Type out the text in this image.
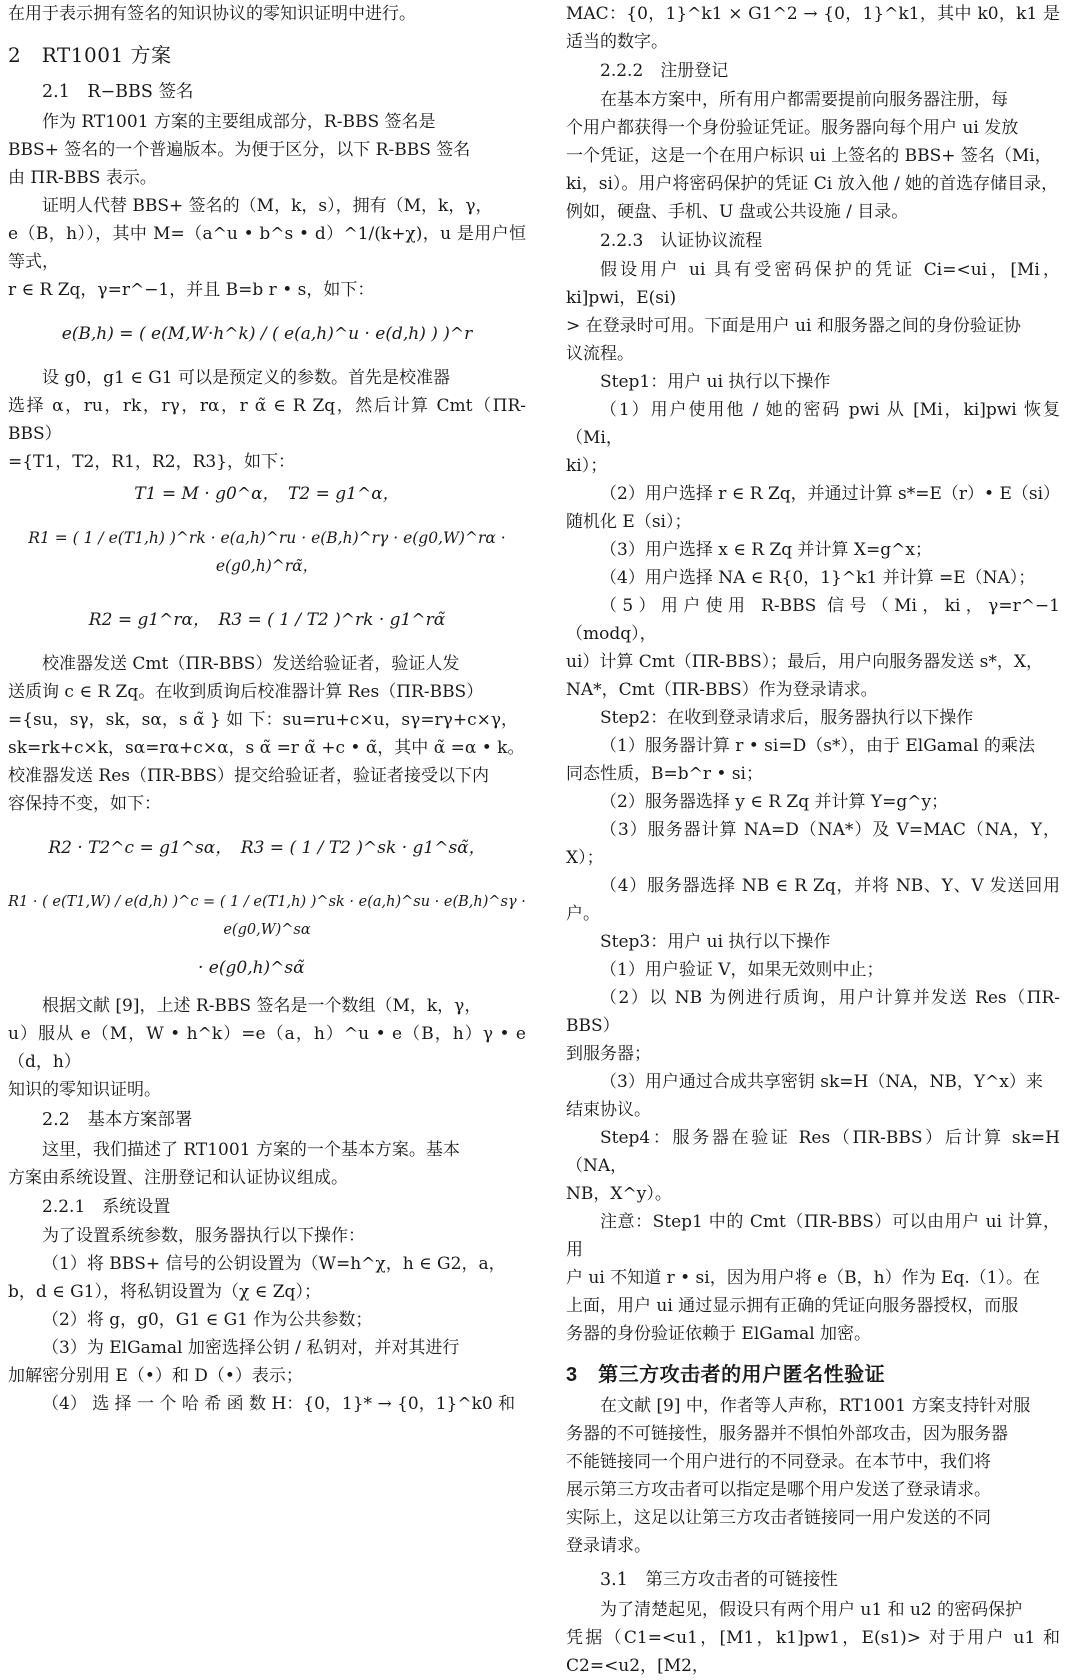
在用于表示拥有签名的知识协议的零知识证明中进行。

2　RT1001 方案
2.1　R−BBS 签名

作为 RT1001 方案的主要组成部分，R-BBS 签名是

BBS+ 签名的一个普遍版本。为便于区分，以下 R-BBS 签名

由 ΠR-BBS 表示。

证明人代替 BBS+ 签名的（M，k，s），拥有（M，k，γ，

e（B，h）），其中 M=（a^u • b^s • d）^1/(k+χ)，u 是用户恒等式，

r ∈ R Zq，γ=r^−1，并且 B=b r • s，如下：

e(B,h) = ( e(M,W·h^k) / ( e(a,h)^u · e(d,h) ) )^r

设 g0，g1 ∈ G1 可以是预定义的参数。首先是校准器

选择 α，ru，rk，rγ，rα，r α̃ ∈ R Zq，然后计算 Cmt（ΠR-BBS）

={T1，T2，R1，R2，R3}，如下：

T1 = M · g0^α，　T2 = g1^α，

R1 = ( 1 / e(T1,h) )^rk · e(a,h)^ru · e(B,h)^rγ · e(g0,W)^rα · e(g0,h)^rα̃，

R2 = g1^rα，　R3 = ( 1 / T2 )^rk · g1^rα̃

校准器发送 Cmt（ΠR-BBS）发送给验证者，验证人发

送质询 c ∈ R Zq。在收到质询后校准器计算 Res（ΠR-BBS）

={su，sγ，sk，sα，s α̃ } 如 下：su=ru+c×u，sγ=rγ+c×γ，

sk=rk+c×k，sα=rα+c×α，s α̃ =r α̃ +c • α̃，其中 α̃ =α • k。

校准器发送 Res（ΠR-BBS）提交给验证者，验证者接受以下内

容保持不变，如下：

R2 · T2^c = g1^sα，　R3 = ( 1 / T2 )^sk · g1^sα̃，

R1 · ( e(T1,W) / e(d,h) )^c = ( 1 / e(T1,h) )^sk · e(a,h)^su · e(B,h)^sγ · e(g0,W)^sα

· e(g0,h)^sα̃

根据文献 [9]，上述 R-BBS 签名是一个数组（M，k，γ，

u）服从 e（M，W • h^k）=e（a，h）^u • e（B，h）γ • e（d，h）

知识的零知识证明。

2.2　基本方案部署

这里，我们描述了 RT1001 方案的一个基本方案。基本

方案由系统设置、注册登记和认证协议组成。

2.2.1　系统设置

为了设置系统参数，服务器执行以下操作：

（1）将 BBS+ 信号的公钥设置为（W=h^χ，h ∈ G2，a，

b，d ∈ G1），将私钥设置为（χ ∈ Zq）；

（2）将 g，g0，G1 ∈ G1 作为公共参数；

（3）为 ElGamal 加密选择公钥 / 私钥对，并对其进行

加解密分别用 E（•）和 D（•）表示；

（4） 选 择 一 个 哈 希 函 数 H：{0，1}* → {0，1}^k0 和

MAC：{0，1}^k1 × G1^2 → {0，1}^k1，其中 k0，k1 是适当的数字。

2.2.2　注册登记

在基本方案中，所有用户都需要提前向服务器注册，每

个用户都获得一个身份验证凭证。服务器向每个用户 ui 发放

一个凭证，这是一个在用户标识 ui 上签名的 BBS+ 签名（Mi，

ki，si）。用户将密码保护的凭证 Ci 放入他 / 她的首选存储目录，

例如，硬盘、手机、U 盘或公共设施 / 目录。

2.2.3　认证协议流程

假设用户 ui 具有受密码保护的凭证 Ci=<ui，[Mi，ki]pwi，E(si)

> 在登录时可用。下面是用户 ui 和服务器之间的身份验证协

议流程。

Step1：用户 ui 执行以下操作

（1）用户使用他 / 她的密码 pwi 从 [Mi，ki]pwi 恢复（Mi，

ki）；

（2）用户选择 r ∈ R Zq，并通过计算 s*=E（r）• E（si）

随机化 E（si）；

（3）用户选择 x ∈ R Zq 并计算 X=g^x；

（4）用户选择 NA ∈ R{0，1}^k1 并计算 =E（NA）；

（5）用户使用 R-BBS 信号（Mi，ki，γ=r^−1（modq），

ui）计算 Cmt（ΠR-BBS）；最后，用户向服务器发送 s*，X，

NA*，Cmt（ΠR-BBS）作为登录请求。

Step2：在收到登录请求后，服务器执行以下操作

（1）服务器计算 r • si=D（s*），由于 ElGamal 的乘法

同态性质，B=b^r • si；

（2）服务器选择 y ∈ R Zq 并计算 Y=g^y；

（3）服务器计算 NA=D（NA*）及 V=MAC（NA，Y，X）；

（4）服务器选择 NB ∈ R Zq，并将 NB、Y、V 发送回用户。

Step3：用户 ui 执行以下操作

（1）用户验证 V，如果无效则中止；

（2）以 NB 为例进行质询，用户计算并发送 Res（ΠR-BBS）

到服务器；

（3）用户通过合成共享密钥 sk=H（NA，NB，Y^x）来

结束协议。

Step4：服务器在验证 Res（ΠR-BBS）后计算 sk=H（NA，

NB，X^y）。

注意：Step1 中的 Cmt（ΠR-BBS）可以由用户 ui 计算，用

户 ui 不知道 r • si，因为用户将 e（B，h）作为 Eq.（1）。在

上面，用户 ui 通过显示拥有正确的凭证向服务器授权，而服

务器的身份验证依赖于 ElGamal 加密。

3　第三方攻击者的用户匿名性验证

在文献 [9] 中，作者等人声称，RT1001 方案支持针对服

务器的不可链接性，服务器并不惧怕外部攻击，因为服务器

不能链接同一个用户进行的不同登录。在本节中，我们将

展示第三方攻击者可以指定是哪个用户发送了登录请求。

实际上，这足以让第三方攻击者链接同一用户发送的不同

登录请求。

3.1　第三方攻击者的可链接性

为了清楚起见，假设只有两个用户 u1 和 u2 的密码保护

凭据（C1=<u1，[M1，k1]pw1，E(s1)> 对于用户 u1 和 C2=<u2，[M2，
